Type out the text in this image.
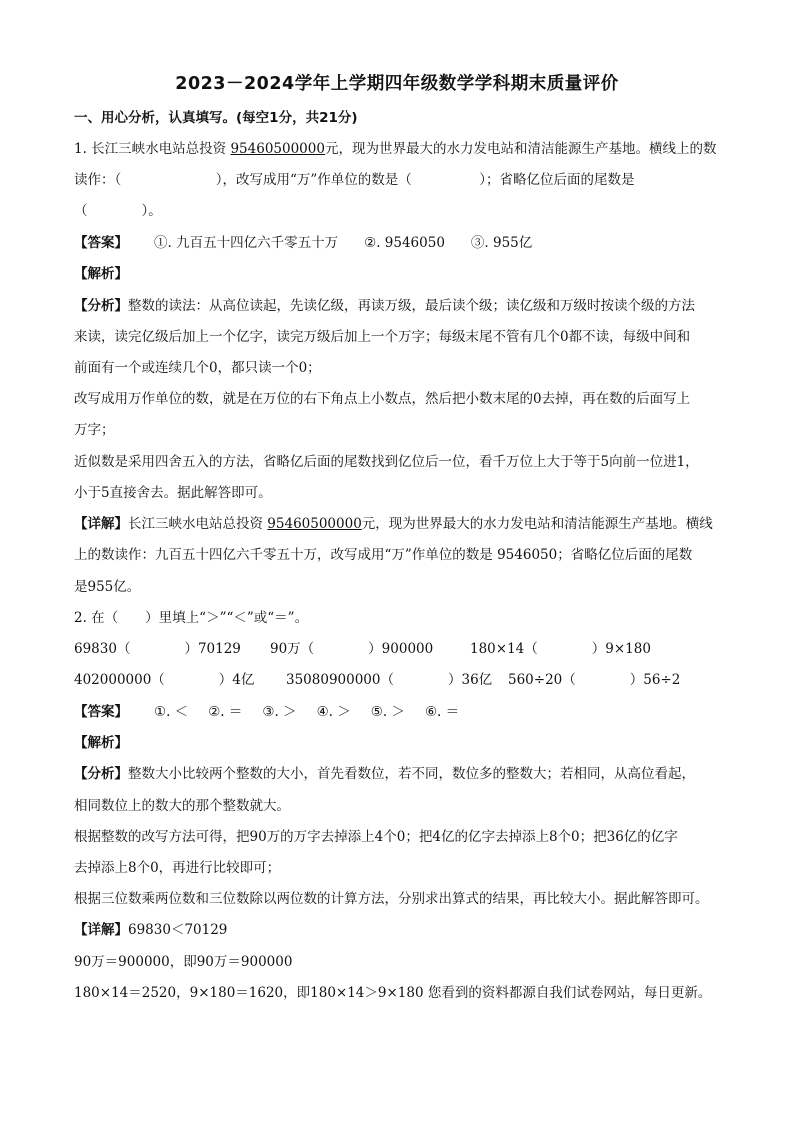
2023－2024学年上学期四年级数学学科期末质量评价
一、用心分析，认真填写。(每空1分，共21分)
1. 长江三峡水电站总投资 95460500000元，现为世界最大的水力发电站和清洁能源生产基地。横线上的数
读作：（　　　　　　　），改写成用“万”作单位的数是（　　　　　）；省略亿位后面的尾数是
（　　　　）。
【答案】 ①. 九百五十四亿六千零五十万 ②. 9546050 ③. 955亿
【解析】
【分析】整数的读法：从高位读起，先读亿级，再读万级，最后读个级；读亿级和万级时按读个级的方法
来读，读完亿级后加上一个亿字，读完万级后加上一个万字；每级末尾不管有几个0都不读，每级中间和
前面有一个或连续几个0，都只读一个0；
改写成用万作单位的数，就是在万位的右下角点上小数点，然后把小数末尾的0去掉，再在数的后面写上
万字；
近似数是采用四舍五入的方法，省略亿后面的尾数找到亿位后一位，看千万位上大于等于5向前一位进1，
小于5直接舍去。据此解答即可。
【详解】长江三峡水电站总投资 95460500000元，现为世界最大的水力发电站和清洁能源生产基地。横线
上的数读作：九百五十四亿六千零五十万，改写成用“万”作单位的数是 9546050；省略亿位后面的尾数
是955亿。
2. 在（　　）里填上“＞”“＜”或“＝”。
69830（　　　　）70129 90万（　　　　）900000	180×14（　　　　）9×180
402000000（　　　　）4亿 35080900000（　　　　）36亿 560÷20（　　　　）56÷2
【答案】 ①. ＜ ②. ＝ ③. ＞ ④. ＞ ⑤. ＞ ⑥. ＝
【解析】
【分析】整数大小比较两个整数的大小，首先看数位，若不同，数位多的整数大；若相同，从高位看起，
相同数位上的数大的那个整数就大。
根据整数的改写方法可得，把90万的万字去掉添上4个0；把4亿的亿字去掉添上8个0；把36亿的亿字
去掉添上8个0，再进行比较即可；
根据三位数乘两位数和三位数除以两位数的计算方法，分别求出算式的结果，再比较大小。据此解答即可。
【详解】69830＜70129
90万＝900000，即90万＝900000
180×14＝2520，9×180＝1620，即180×14＞9×180 您看到的资料都源自我们试卷网站，每日更新。
